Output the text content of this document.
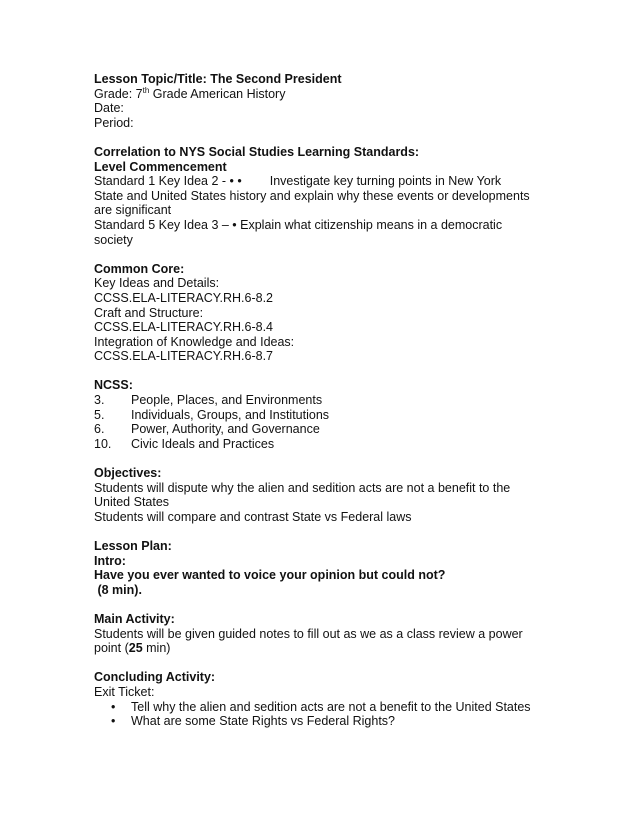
Lesson Topic/Title: The Second President
Grade: 7th Grade American History
Date:
Period:
Correlation to NYS Social Studies Learning Standards:
Level Commencement
Standard 1 Key Idea 2 - • • Investigate key turning points in New York
State and United States history and explain why these events or developments
are significant
Standard 5 Key Idea 3 – • Explain what citizenship means in a democratic
society
Common Core:
Key Ideas and Details:
CCSS.ELA-LITERACY.RH.6-8.2
Craft and Structure:
CCSS.ELA-LITERACY.RH.6-8.4
Integration of Knowledge and Ideas:
CCSS.ELA-LITERACY.RH.6-8.7
NCSS:
3. People, Places, and Environments
5. Individuals, Groups, and Institutions
6. Power, Authority, and Governance
10. Civic Ideals and Practices
Objectives:
Students will dispute why the alien and sedition acts are not a benefit to the
United States
Students will compare and contrast State vs Federal laws
Lesson Plan:
Intro:
Have you ever wanted to voice your opinion but could not?
(8 min).
Main Activity:
Students will be given guided notes to fill out as we as a class review a power
point (25 min)
Concluding Activity:
Exit Ticket:
• Tell why the alien and sedition acts are not a benefit to the United States
• What are some State Rights vs Federal Rights?
